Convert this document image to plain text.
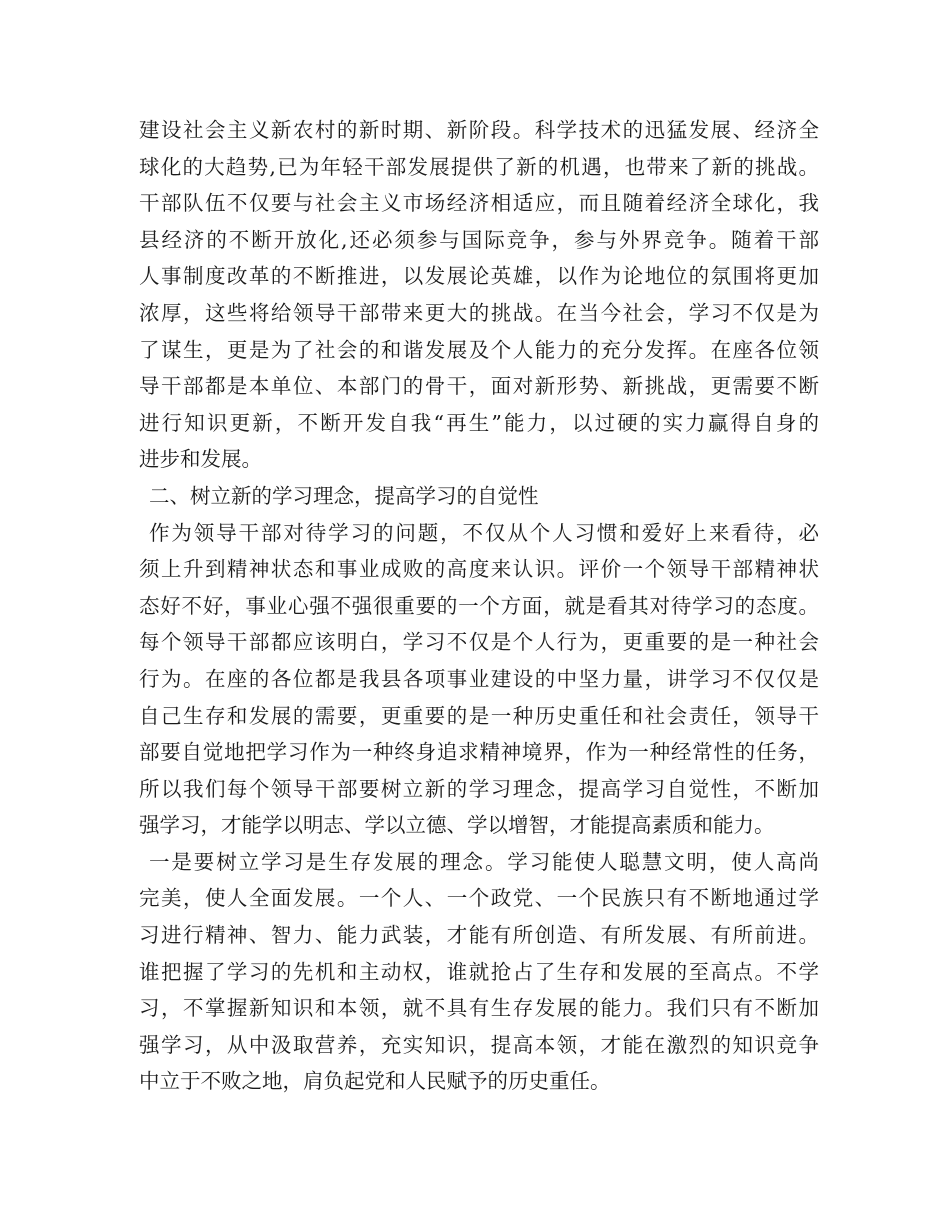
建设社会主义新农村的新时期、新阶段。科学技术的迅猛发展、经济全
球化的大趋势,已为年轻干部发展提供了新的机遇，也带来了新的挑战。
干部队伍不仅要与社会主义市场经济相适应，而且随着经济全球化，我
县经济的不断开放化,还必须参与国际竞争，参与外界竞争。随着干部
人事制度改革的不断推进，以发展论英雄，以作为论地位的氛围将更加
浓厚，这些将给领导干部带来更大的挑战。在当今社会，学习不仅是为
了谋生，更是为了社会的和谐发展及个人能力的充分发挥。在座各位领
导干部都是本单位、本部门的骨干，面对新形势、新挑战，更需要不断
进行知识更新，不断开发自我“再生”能力，以过硬的实力赢得自身的
进步和发展。
二、树立新的学习理念，提高学习的自觉性
作为领导干部对待学习的问题，不仅从个人习惯和爱好上来看待，必
须上升到精神状态和事业成败的高度来认识。评价一个领导干部精神状
态好不好，事业心强不强很重要的一个方面，就是看其对待学习的态度。
每个领导干部都应该明白，学习不仅是个人行为，更重要的是一种社会
行为。在座的各位都是我县各项事业建设的中坚力量，讲学习不仅仅是
自己生存和发展的需要，更重要的是一种历史重任和社会责任，领导干
部要自觉地把学习作为一种终身追求精神境界，作为一种经常性的任务，
所以我们每个领导干部要树立新的学习理念，提高学习自觉性，不断加
强学习，才能学以明志、学以立德、学以增智，才能提高素质和能力。
一是要树立学习是生存发展的理念。学习能使人聪慧文明，使人高尚
完美，使人全面发展。一个人、一个政党、一个民族只有不断地通过学
习进行精神、智力、能力武装，才能有所创造、有所发展、有所前进。
谁把握了学习的先机和主动权，谁就抢占了生存和发展的至高点。不学
习，不掌握新知识和本领，就不具有生存发展的能力。我们只有不断加
强学习，从中汲取营养，充实知识，提高本领，才能在激烈的知识竞争
中立于不败之地，肩负起党和人民赋予的历史重任。
